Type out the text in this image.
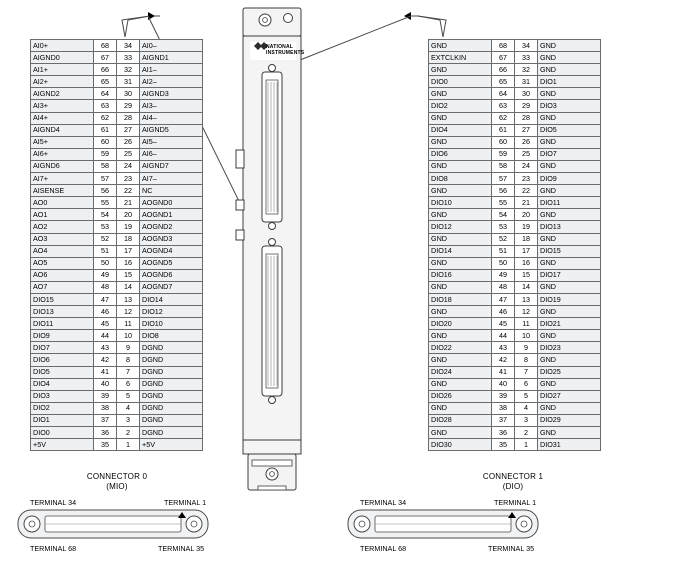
NATIONAL
INSTRUMENTS
AI0+	68	34	AI0–
AIGND0	67	33	AIGND1
AI1+	66	32	AI1–
AI2+	65	31	AI2–
AIGND2	64	30	AIGND3
AI3+	63	29	AI3–
AI4+	62	28	AI4–
AIGND4	61	27	AIGND5
AI5+	60	26	AI5–
AI6+	59	25	AI6–
AIGND6	58	24	AIGND7
AI7+	57	23	AI7–
AISENSE	56	22	NC
AO0	55	21	AOGND0
AO1	54	20	AOGND1
AO2	53	19	AOGND2
AO3	52	18	AOGND3
AO4	51	17	AOGND4
AO5	50	16	AOGND5
AO6	49	15	AOGND6
AO7	48	14	AOGND7
DIO15	47	13	DIO14
DIO13	46	12	DIO12
DIO11	45	11	DIO10
DIO9	44	10	DIO8
DIO7	43	9	DGND
DIO6	42	8	DGND
DIO5	41	7	DGND
DIO4	40	6	DGND
DIO3	39	5	DGND
DIO2	38	4	DGND
DIO1	37	3	DGND
DIO0	36	2	DGND
+5V	35	1	+5V
GND	68	34	GND
EXTCLKIN	67	33	GND
GND	66	32	GND
DIO0	65	31	DIO1
GND	64	30	GND
DIO2	63	29	DIO3
GND	62	28	GND
DIO4	61	27	DIO5
GND	60	26	GND
DIO6	59	25	DIO7
GND	58	24	GND
DIO8	57	23	DIO9
GND	56	22	GND
DIO10	55	21	DIO11
GND	54	20	GND
DIO12	53	19	DIO13
GND	52	18	GND
DIO14	51	17	DIO15
GND	50	16	GND
DIO16	49	15	DIO17
GND	48	14	GND
DIO18	47	13	DIO19
GND	46	12	GND
DIO20	45	11	DIO21
GND	44	10	GND
DIO22	43	9	DIO23
GND	42	8	GND
DIO24	41	7	DIO25
GND	40	6	GND
DIO26	39	5	DIO27
GND	38	4	GND
DIO28	37	3	DIO29
GND	36	2	GND
DIO30	35	1	DIO31
CONNECTOR 0
(MIO)
CONNECTOR 1
(DIO)
TERMINAL 34	TERMINAL 1
TERMINAL 68	TERMINAL 35
TERMINAL 34	TERMINAL 1
TERMINAL 68	TERMINAL 35
